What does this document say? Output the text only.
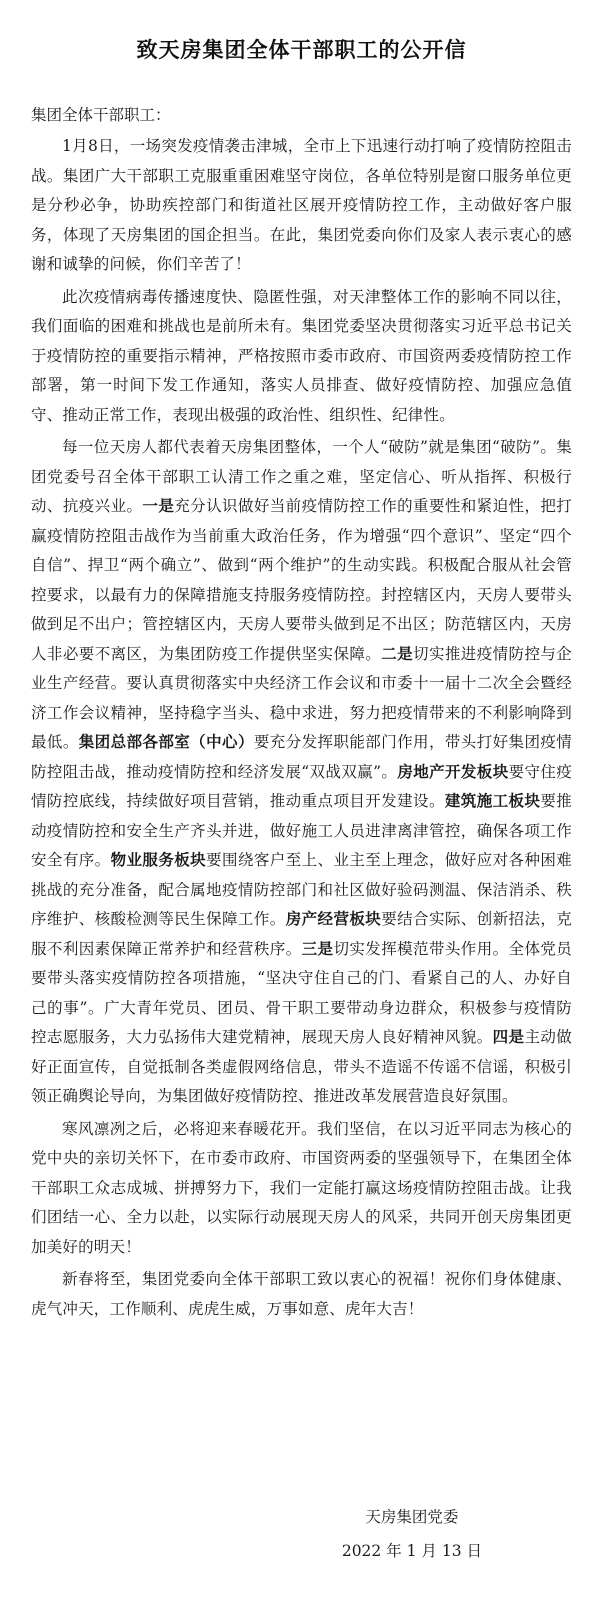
致天房集团全体干部职工的公开信
集团全体干部职工：

1月8日，一场突发疫情袭击津城，全市上下迅速行动打响了疫情防控阻击战。集团广大干部职工克服重重困难坚守岗位，各单位特别是窗口服务单位更是分秒必争，协助疾控部门和街道社区展开疫情防控工作，主动做好客户服务，体现了天房集团的国企担当。在此，集团党委向你们及家人表示衷心的感谢和诚挚的问候，你们辛苦了！

此次疫情病毒传播速度快、隐匿性强，对天津整体工作的影响不同以往，我们面临的困难和挑战也是前所未有。集团党委坚决贯彻落实习近平总书记关于疫情防控的重要指示精神，严格按照市委市政府、市国资两委疫情防控工作部署，第一时间下发工作通知，落实人员排查、做好疫情防控、加强应急值守、推动正常工作，表现出极强的政治性、组织性、纪律性。

每一位天房人都代表着天房集团整体，一个人“破防”就是集团“破防”。集团党委号召全体干部职工认清工作之重之难，坚定信心、听从指挥、积极行动、抗疫兴业。一是充分认识做好当前疫情防控工作的重要性和紧迫性，把打赢疫情防控阻击战作为当前重大政治任务，作为增强“四个意识”、坚定“四个自信”、捍卫“两个确立”、做到“两个维护”的生动实践。积极配合服从社会管控要求，以最有力的保障措施支持服务疫情防控。封控辖区内，天房人要带头做到足不出户；管控辖区内，天房人要带头做到足不出区；防范辖区内，天房人非必要不离区，为集团防疫工作提供坚实保障。二是切实推进疫情防控与企业生产经营。要认真贯彻落实中央经济工作会议和市委十一届十二次全会暨经济工作会议精神，坚持稳字当头、稳中求进，努力把疫情带来的不利影响降到最低。集团总部各部室（中心）要充分发挥职能部门作用，带头打好集团疫情防控阻击战，推动疫情防控和经济发展“双战双赢”。房地产开发板块要守住疫情防控底线，持续做好项目营销，推动重点项目开发建设。建筑施工板块要推动疫情防控和安全生产齐头并进，做好施工人员进津离津管控，确保各项工作安全有序。物业服务板块要围绕客户至上、业主至上理念，做好应对各种困难挑战的充分准备，配合属地疫情防控部门和社区做好验码测温、保洁消杀、秩序维护、核酸检测等民生保障工作。房产经营板块要结合实际、创新招法，克服不利因素保障正常养护和经营秩序。三是切实发挥模范带头作用。全体党员要带头落实疫情防控各项措施，“坚决守住自己的门、看紧自己的人、办好自己的事”。广大青年党员、团员、骨干职工要带动身边群众，积极参与疫情防控志愿服务，大力弘扬伟大建党精神，展现天房人良好精神风貌。四是主动做好正面宣传，自觉抵制各类虚假网络信息，带头不造谣不传谣不信谣，积极引领正确舆论导向，为集团做好疫情防控、推进改革发展营造良好氛围。

寒风凛冽之后，必将迎来春暖花开。我们坚信，在以习近平同志为核心的党中央的亲切关怀下，在市委市政府、市国资两委的坚强领导下，在集团全体干部职工众志成城、拼搏努力下，我们一定能打赢这场疫情防控阻击战。让我们团结一心、全力以赴，以实际行动展现天房人的风采，共同开创天房集团更加美好的明天！

新春将至，集团党委向全体干部职工致以衷心的祝福！祝你们身体健康、虎气冲天，工作顺利、虎虎生威，万事如意、虎年大吉！

天房集团党委
2022 年 1 月 13 日
